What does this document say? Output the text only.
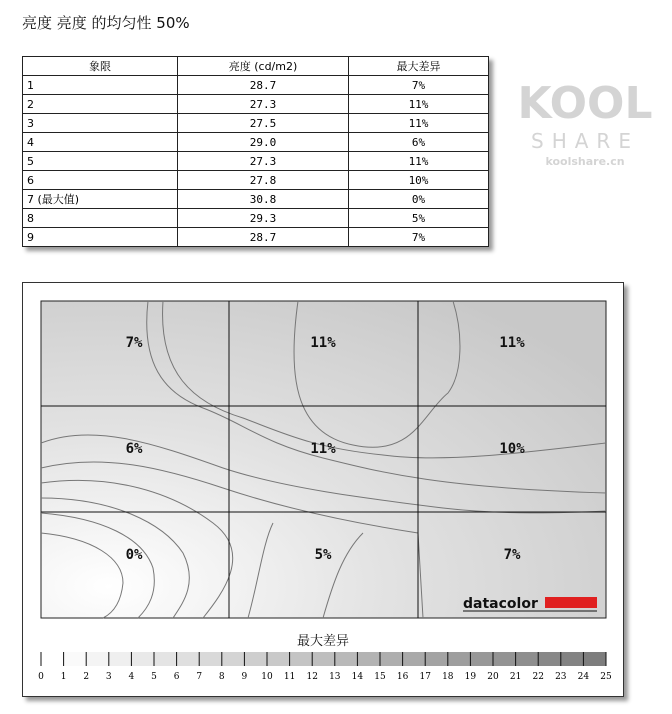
亮度 亮度 的均匀性 50%
象限	亮度 (cd/m2)	最大差异
1	28.7	7%
2	27.3	11%
3	27.5	11%
4	29.0	6%
5	27.3	11%
6	27.8	10%
7 (最大值)	30.8	0%
8	29.3	5%
9	28.7	7%
7%	11%	11%
6%	11%	10%
0%	5%	7%
datacolor
最大差异
0 1 2 3 4 5 6 7 8 9 10 11 12 13 14 15 16 17 18 19 20 21 22 23 24 25
KOOL
SHARE
koolshare.cn
